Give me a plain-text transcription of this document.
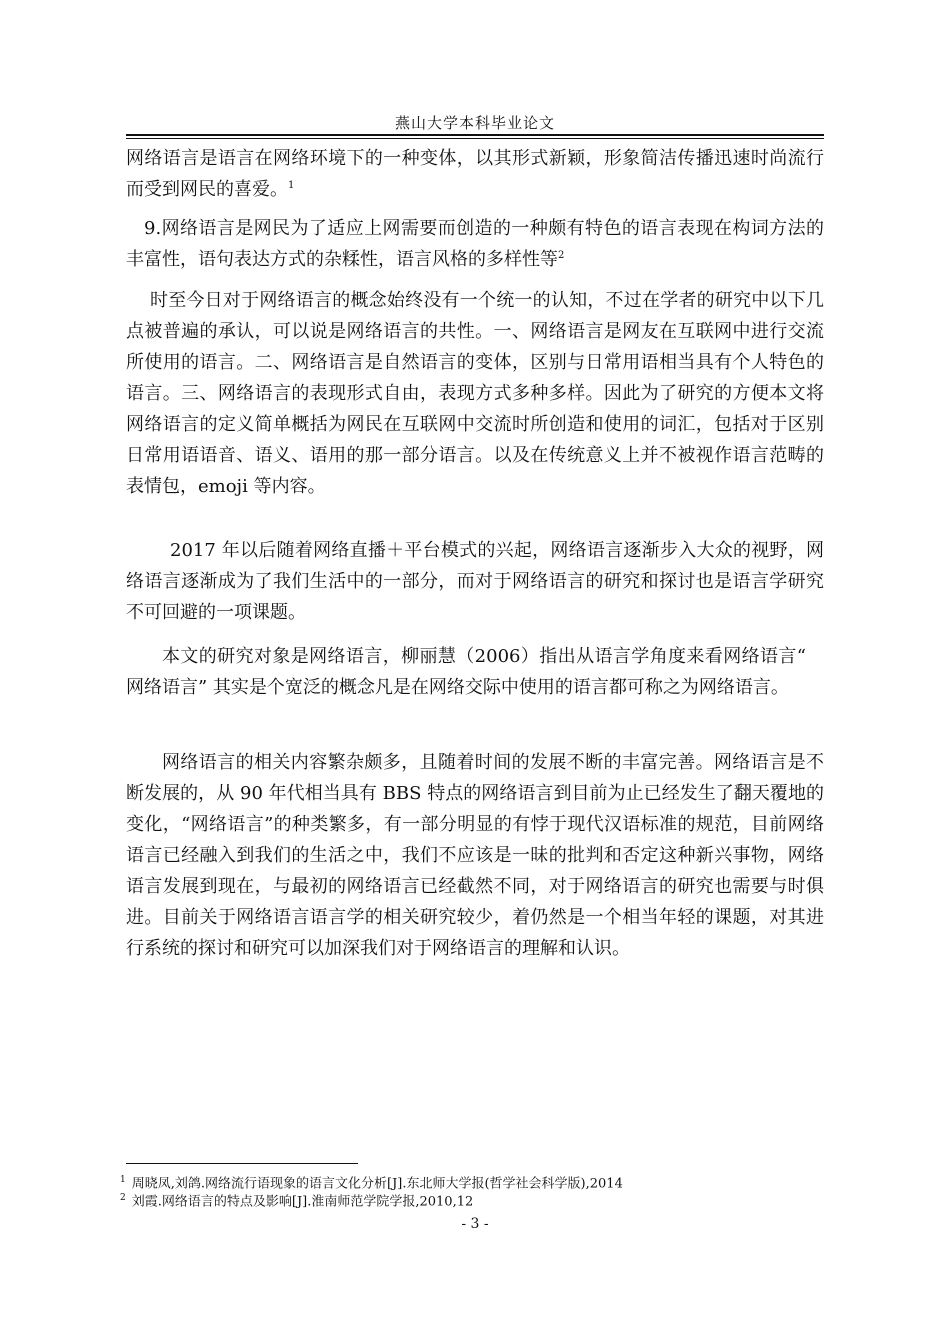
燕山大学本科毕业论文

网络语言是语言在网络环境下的一种变体，以其形式新颖，形象简洁传播迅速时尚流行而受到网民的喜爱。$^1$

9.网络语言是网民为了适应上网需要而创造的一种颇有特色的语言表现在构词方法的丰富性，语句表达方式的杂糅性，语言风格的多样性等$^2$

时至今日对于网络语言的概念始终没有一个统一的认知，不过在学者的研究中以下几点被普遍的承认，可以说是网络语言的共性。一、网络语言是网友在互联网中进行交流所使用的语言。二、网络语言是自然语言的变体，区别与日常用语相当具有个人特色的语言。三、网络语言的表现形式自由，表现方式多种多样。因此为了研究的方便本文将网络语言的定义简单概括为网民在互联网中交流时所创造和使用的词汇，包括对于区别日常用语语音、语义、语用的那一部分语言。以及在传统意义上并不被视作语言范畴的表情包，emoji 等内容。

2017 年以后随着网络直播＋平台模式的兴起，网络语言逐渐步入大众的视野，网络语言逐渐成为了我们生活中的一部分，而对于网络语言的研究和探讨也是语言学研究不可回避的一项课题。

本文的研究对象是网络语言，柳丽慧（2006）指出从语言学角度来看网络语言“ 网络语言” 其实是个宽泛的概念凡是在网络交际中使用的语言都可称之为网络语言。

网络语言的相关内容繁杂颇多，且随着时间的发展不断的丰富完善。网络语言是不断发展的，从 90 年代相当具有 BBS 特点的网络语言到目前为止已经发生了翻天覆地的变化，“网络语言”的种类繁多，有一部分明显的有悖于现代汉语标准的规范，目前网络语言已经融入到我们的生活之中，我们不应该是一昧的批判和否定这种新兴事物，网络语言发展到现在，与最初的网络语言已经截然不同，对于网络语言的研究也需要与时俱进。目前关于网络语言语言学的相关研究较少，着仍然是一个相当年轻的课题，对其进行系统的探讨和研究可以加深我们对于网络语言的理解和认识。

$^1$ 周晓凤,刘鸽.网络流行语现象的语言文化分析[J].东北师大学报(哲学社会科学版),2014
$^2$ 刘霞.网络语言的特点及影响[J].淮南师范学院学报,2010,12
- 3 -
